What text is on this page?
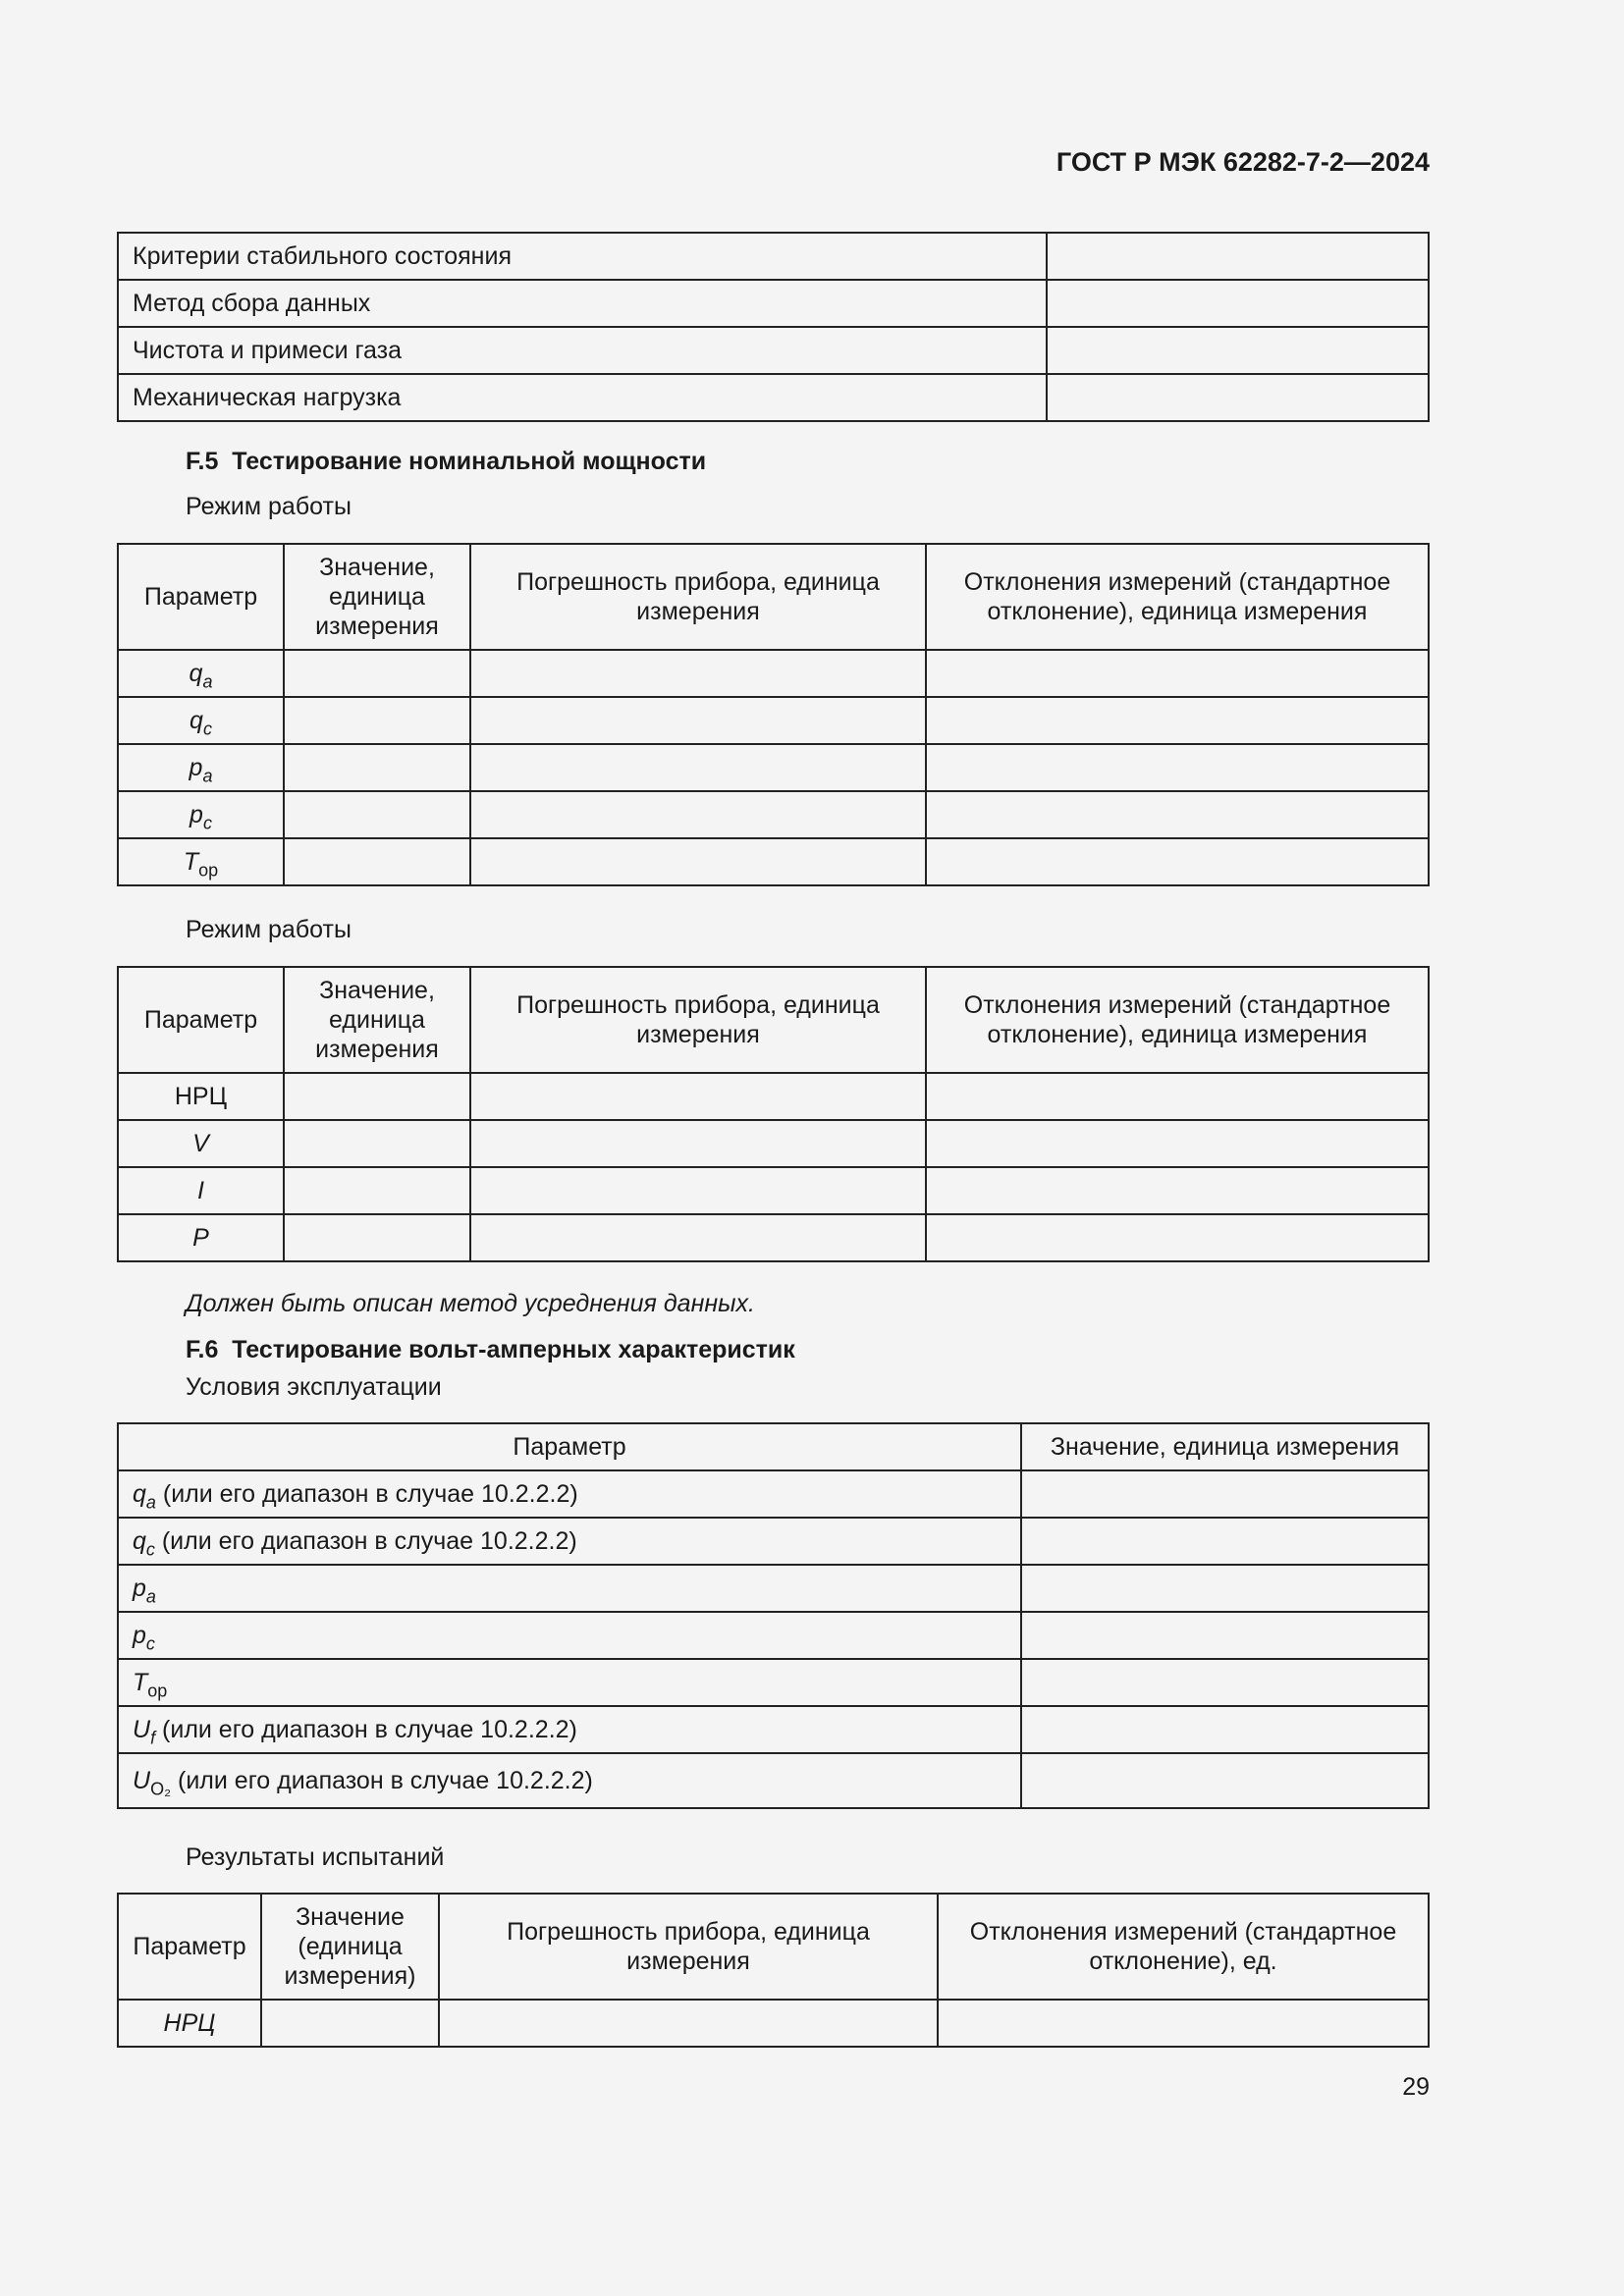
ГОСТ Р МЭК 62282-7-2—2024
Критерии стабильного состояния	
Метод сбора данных	
Чистота и примеси газа	
Механическая нагрузка	
F.5 Тестирование номинальной мощности
Режим работы
Параметр	Значение, единица измерения	Погрешность прибора, единица измерения	Отклонения измерений (стандартное отклонение), единица измерения
$q_a$			
$q_c$			
$p_a$			
$p_c$			
$T_{ор}$			
Режим работы
Параметр	Значение, единица измерения	Погрешность прибора, единица измерения	Отклонения измерений (стандартное отклонение), единица измерения
НРЦ			
V			
I			
P			
Должен быть описан метод усреднения данных.
F.6 Тестирование вольт-амперных характеристик
Условия эксплуатации
Параметр	Значение, единица измерения
$q_a$ (или его диапазон в случае 10.2.2.2)	
$q_c$ (или его диапазон в случае 10.2.2.2)	
$p_a$	
$p_c$	
$T_{ор}$	
$U_f$ (или его диапазон в случае 10.2.2.2)	
$U_{O_2}$ (или его диапазон в случае 10.2.2.2)	
Результаты испытаний
Параметр	Значение (единица измерения)	Погрешность прибора, единица измерения	Отклонения измерений (стандартное отклонение), ед.
НРЦ			
29
